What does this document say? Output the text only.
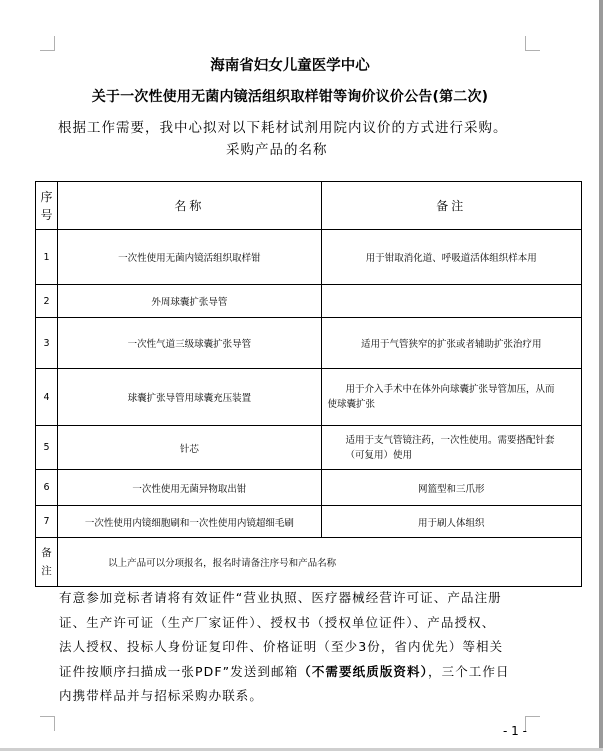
海南省妇女儿童医学中心
关于一次性使用无菌内镜活组织取样钳等询价议价公告(第二次)
根据工作需要，我中心拟对以下耗材试剂用院内议价的方式进行采购。
采购产品的名称
序
号	名称	备注
1	一次性使用无菌内镜活组织取样钳	用于钳取消化道、呼吸道活体组织样本用
2	外周球囊扩张导管	
3	一次性气道三级球囊扩张导管	适用于气管狭窄的扩张或者辅助扩张治疗用
4	球囊扩张导管用球囊充压装置	用于介入手术中在体外向球囊扩张导管加压，从而
使球囊扩张
5	针芯	适用于支气管镜注药，一次性使用。需要搭配针套
（可复用）使用
6	一次性使用无菌异物取出钳	网篮型和三爪形
7	一次性使用内镜细胞刷和一次性使用内镜超细毛刷	用于刷人体组织
备
注	以上产品可以分项报名，报名时请备注序号和产品名称	
有意参加竞标者请将有效证件“营业执照、医疗器械经营许可证、产品注册
证、生产许可证（生产厂家证件）、授权书（授权单位证件）、产品授权、
法人授权、投标人身份证复印件、价格证明（至少3份，省内优先）等相关
证件按顺序扫描成一张PDF”发送到邮箱（不需要纸质版资料），三个工作日
内携带样品并与招标采购办联系。
- 1 -
